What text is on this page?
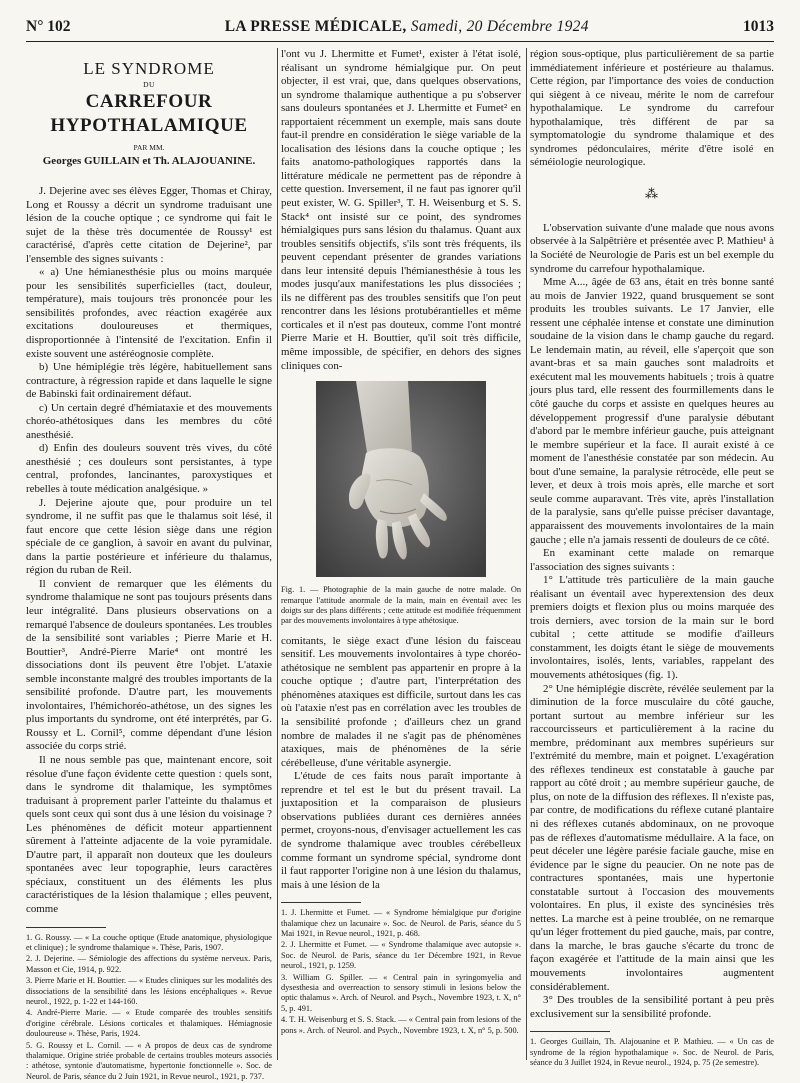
N° 102	LA PRESSE MÉDICALE, Samedi, 20 Décembre 1924	1013
LE SYNDROME
DU
CARREFOUR HYPOTHALAMIQUE
PAR MM.
Georges GUILLAIN et Th. ALAJOUANINE.

J. Dejerine avec ses élèves Egger, Thomas et Chiray, Long et Roussy a décrit un syndrome traduisant une lésion de la couche optique ; ce syndrome qui fait le sujet de la thèse très documentée de Roussy¹ est caractérisé, d'après cette citation de Dejerine², par l'ensemble des signes suivants :

« a) Une hémianesthésie plus ou moins marquée pour les sensibilités superficielles (tact, douleur, température), mais toujours très prononcée pour les sensibilités profondes, avec réaction exagérée aux excitations douloureuses et thermiques, disproportionnée à l'intensité de l'excitation. Enfin il existe souvent une astéréognosie complète.

b) Une hémiplégie très légère, habituellement sans contracture, à régression rapide et dans laquelle le signe de Babinski fait ordinairement défaut.

c) Un certain degré d'hémiataxie et des mouvements choréo-athétosiques dans les membres du côté anesthésié.

d) Enfin des douleurs souvent très vives, du côté anesthésié ; ces douleurs sont persistantes, à type central, profondes, lancinantes, paroxystiques et rebelles à toute médication analgésique. »

J. Dejerine ajoute que, pour produire un tel syndrome, il ne suffit pas que le thalamus soit lésé, il faut encore que cette lésion siège dans une région spéciale de ce ganglion, à savoir en avant du pulvinar, dans la partie postérieure et inférieure du thalamus, région du ruban de Reil.

Il convient de remarquer que les éléments du syndrome thalamique ne sont pas toujours présents dans leur intégralité. Dans plusieurs observations on a remarqué l'absence de douleurs spontanées. Les troubles de la sensibilité sont variables ; Pierre Marie et H. Bouttier³, André-Pierre Marie⁴ ont montré les dissociations dont ils peuvent être l'objet. L'ataxie semble inconstante malgré des troubles importants de la sensibilité profonde. D'autre part, les mouvements involontaires, l'hémichoréo-athétose, un des signes les plus importants du syndrome, ont été interprétés, par G. Roussy et L. Cornil⁵, comme dépendant d'une lésion associée du corps strié.

Il ne nous semble pas que, maintenant encore, soit résolue d'une façon évidente cette question : quels sont, dans le syndrome dit thalamique, les symptômes traduisant à proprement parler l'atteinte du thalamus et quels sont ceux qui sont dus à une lésion du voisinage ? Les phénomènes de déficit moteur appartiennent sûrement à l'atteinte adjacente de la voie pyramidale. D'autre part, il apparaît non douteux que les douleurs spontanées avec leur topographie, leurs caractères spéciaux, constituent un des éléments les plus caractéristiques de la lésion thalamique ; elles peuvent, comme

1. G. Roussy. — « La couche optique (Etude anatomique, physiologique et clinique) ; le syndrome thalamique ». Thèse, Paris, 1907.

2. J. Dejerine. — Sémiologie des affections du système nerveux. Paris, Masson et Cie, 1914, p. 922.

3. Pierre Marie et H. Bouttier. — « Etudes cliniques sur les modalités des dissociations de la sensibilité dans les lésions encéphaliques ». Revue neurol., 1922, p. 1-22 et 144-160.

4. André-Pierre Marie. — « Etude comparée des troubles sensitifs d'origine cérébrale. Lésions corticales et thalamiques. Hémiagnosie douloureuse ». Thèse, Paris, 1924.

5. G. Roussy et L. Cornil. — « A propos de deux cas de syndrome thalamique. Origine striée probable de certains troubles moteurs associés : athétose, syntonie d'automatisme, hypertonie fonctionnelle ». Soc. de Neurol. de Paris, séance du 2 Juin 1921, in Revue neurol., 1921, p. 737.

l'ont vu J. Lhermitte et Fumet¹, exister à l'état isolé, réalisant un syndrome hémialgique pur. On peut objecter, il est vrai, que, dans quelques observations, un syndrome thalamique authentique a pu s'observer sans douleurs spontanées et J. Lhermitte et Fumet² en rapportaient récemment un exemple, mais sans doute faut-il prendre en considération le siège variable de la localisation des lésions dans la couche optique ; les faits anatomo-pathologiques rapportés dans la littérature médicale ne permettent pas de répondre à cette question. Inversement, il ne faut pas ignorer qu'il peut exister, W. G. Spiller³, T. H. Weisenburg et S. S. Stack⁴ ont insisté sur ce point, des syndromes hémialgiques purs sans lésion du thalamus. Quant aux troubles sensitifs objectifs, s'ils sont très fréquents, ils peuvent cependant présenter de grandes variations dans leur intensité depuis l'hémianesthésie à tous les modes jusqu'aux manifestations les plus dissociées ; ils ne diffèrent pas des troubles sensitifs que l'on peut rencontrer dans les lésions protubérantielles et même corticales et il n'est pas douteux, comme l'ont montré Pierre Marie et H. Bouttier, qu'il soit très difficile, même impossible, de spécifier, en dehors des signes cliniques con-

Fig. 1. — Photographie de la main gauche de notre malade. On remarque l'attitude anormale de la main, main en éventail avec les doigts sur des plans différents ; cette attitude est modifiée fréquemment par des mouvements involontaires à type athétosique.

comitants, le siège exact d'une lésion du faisceau sensitif. Les mouvements involontaires à type choréo-athétosique ne semblent pas appartenir en propre à la couche optique ; d'autre part, l'interprétation des phénomènes ataxiques est difficile, surtout dans les cas où l'ataxie n'est pas en corrélation avec les troubles de la sensibilité profonde ; d'ailleurs chez un grand nombre de malades il ne s'agit pas de phénomènes ataxiques, mais de phénomènes de la série cérébelleuse, d'une véritable asynergie.

L'étude de ces faits nous paraît importante à reprendre et tel est le but du présent travail. La juxtaposition et la comparaison de plusieurs observations publiées durant ces dernières années permet, croyons-nous, d'envisager actuellement les cas de syndrome thalamique avec troubles cérébelleux comme formant un syndrome spécial, syndrome dont il faut rapporter l'origine non à une lésion du thalamus, mais à une lésion de la

1. J. Lhermitte et Fumet. — « Syndrome hémialgique pur d'origine thalamique chez un lacunaire ». Soc. de Neurol. de Paris, séance du 5 Mai 1921, in Revue neurol., 1921, p. 468.

2. J. Lhermitte et Fumet. — « Syndrome thalamique avec autopsie ». Soc. de Neurol. de Paris, séance du 1er Décembre 1921, in Revue neurol., 1921, p. 1259.

3. William G. Spiller. — « Central pain in syringomyelia and dysesthesia and overreaction to sensory stimuli in lesions below the optic thalamus ». Arch. of Neurol. and Psych., Novembre 1923, t. X, n° 5, p. 491.

4. T. H. Weisenburg et S. S. Stack. — « Central pain from lesions of the pons ». Arch. of Neurol. and Psych., Novembre 1923, t. X, n° 5, p. 500.

région sous-optique, plus particulièrement de sa partie immédiatement inférieure et postérieure au thalamus. Cette région, par l'importance des voies de conduction qui siègent à ce niveau, mérite le nom de carrefour hypothalamique. Le syndrome du carrefour hypothalamique, très différent de par sa symptomatologie du syndrome thalamique et des syndromes pédonculaires, mérite d'être isolé en séméiologie neurologique.

⁂

L'observation suivante d'une malade que nous avons observée à la Salpêtrière et présentée avec P. Mathieu¹ à la Société de Neurologie de Paris est un bel exemple du syndrome du carrefour hypothalamique.

Mme A..., âgée de 63 ans, était en très bonne santé au mois de Janvier 1922, quand brusquement se sont produits les troubles suivants. Le 17 Janvier, elle ressent une céphalée intense et constate une diminution soudaine de la vision dans le champ gauche du regard. Le lendemain matin, au réveil, elle s'aperçoit que son avant-bras et sa main gauches sont maladroits et exécutent mal les mouvements habituels ; trois à quatre jours plus tard, elle ressent des fourmillements dans le côté gauche du corps et assiste en quelques heures au développement progressif d'une paralysie débutant d'abord par le membre inférieur gauche, puis atteignant le membre supérieur et la face. Il aurait existé à ce moment de l'anesthésie constatée par son médecin. Au bout d'une semaine, la paralysie rétrocède, elle peut se lever, et deux à trois mois après, elle marche et sort seule comme auparavant. Très vite, après l'installation de la paralysie, sans qu'elle puisse préciser davantage, apparaissent des mouvements involontaires de la main gauche ; elle n'a jamais ressenti de douleurs de ce côté.

En examinant cette malade on remarque l'association des signes suivants :

1° L'attitude très particulière de la main gauche réalisant un éventail avec hyperextension des deux premiers doigts et flexion plus ou moins marquée des trois derniers, avec torsion de la main sur le bord cubital ; cette attitude se modifie d'ailleurs constamment, les doigts étant le siège de mouvements involontaires, isolés, lents, variables, rappelant des mouvements athétosiques (fig. 1).

2° Une hémiplégie discrète, révélée seulement par la diminution de la force musculaire du côté gauche, portant surtout au membre inférieur sur les raccourcisseurs et particulièrement à la racine du membre, prédominant aux membres supérieurs sur l'extrémité du membre, main et poignet. L'exagération des réflexes tendineux est constatable à gauche par rapport au côté droit ; au membre supérieur gauche, de plus, on note de la diffusion des réflexes. Il n'existe pas, par contre, de modifications du réflexe cutané plantaire ni des réflexes cutanés abdominaux, on ne provoque pas de réflexes d'automatisme médullaire. A la face, on peut déceler une légère parésie faciale gauche, mise en évidence par le signe du peaucier. On ne note pas de contractures spontanées, mais une hypertonie constatable surtout à l'occasion des mouvements volontaires. En plus, il existe des syncinésies très nettes. La marche est à peine troublée, on ne remarque qu'un léger frottement du pied gauche, mais, par contre, dans la marche, le bras gauche s'écarte du tronc de façon exagérée et l'attitude de la main ainsi que les mouvements involontaires augmentent considérablement.

3° Des troubles de la sensibilité portant à peu près exclusivement sur la sensibilité profonde.

1. Georges Guillain, Th. Alajouanine et P. Mathieu. — « Un cas de syndrome de la région hypothalamique ». Soc. de Neurol. de Paris, séance du 3 Juillet 1924, in Revue neurol., 1924, p. 75 (2e semestre).
